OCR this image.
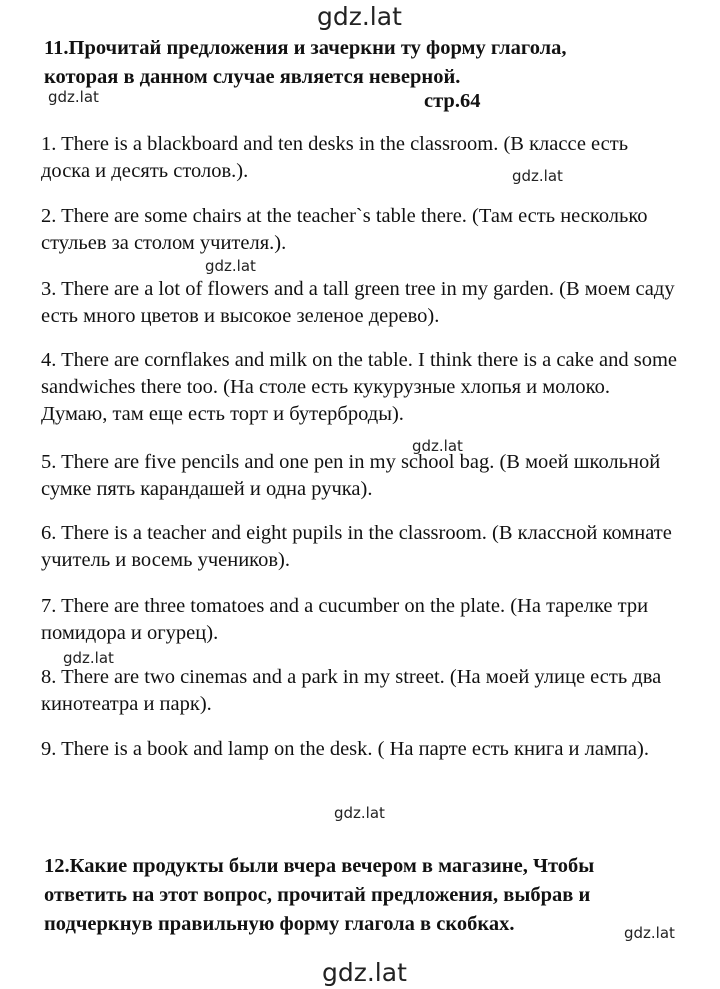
gdz.lat
gdz.lat
gdz.lat
gdz.lat
gdz.lat
gdz.lat
gdz.lat
gdz.lat
gdz.lat
11.Прочитай предложения и зачеркни ту форму глагола,
которая в данном случае является неверной.
стр.64

1. There is a blackboard and ten desks in the classroom. (В классе есть доска и десять столов.).

2. There are some chairs at the teacher`s table there. (Там есть несколько стульев за столом учителя.).

3. There are a lot of flowers and a tall green tree in my garden. (В моем саду есть много цветов и высокое зеленое дерево).

4. There are cornflakes and milk on the table. I think there is a cake and some sandwiches there too. (На столе есть кукурузные хлопья и молоко. Думаю, там еще есть торт и бутерброды).

5. There are five pencils and one pen in my school bag. (В моей школьной сумке пять карандашей и одна ручка).

6. There is a teacher and eight pupils in the classroom. (В классной комнате учитель и восемь учеников).

7. There are three tomatoes and a cucumber on the plate. (На тарелке три помидора и огурец).

8. There are two cinemas and a park in my street. (На моей улице есть два кинотеатра и парк).

9. There is a book and lamp on the desk. ( На парте есть книга и лампа).

12.Какие продукты были вчера вечером в магазине, Чтобы
ответить на этот вопрос, прочитай предложения, выбрав и
подчеркнув правильную форму глагола в скобках.
